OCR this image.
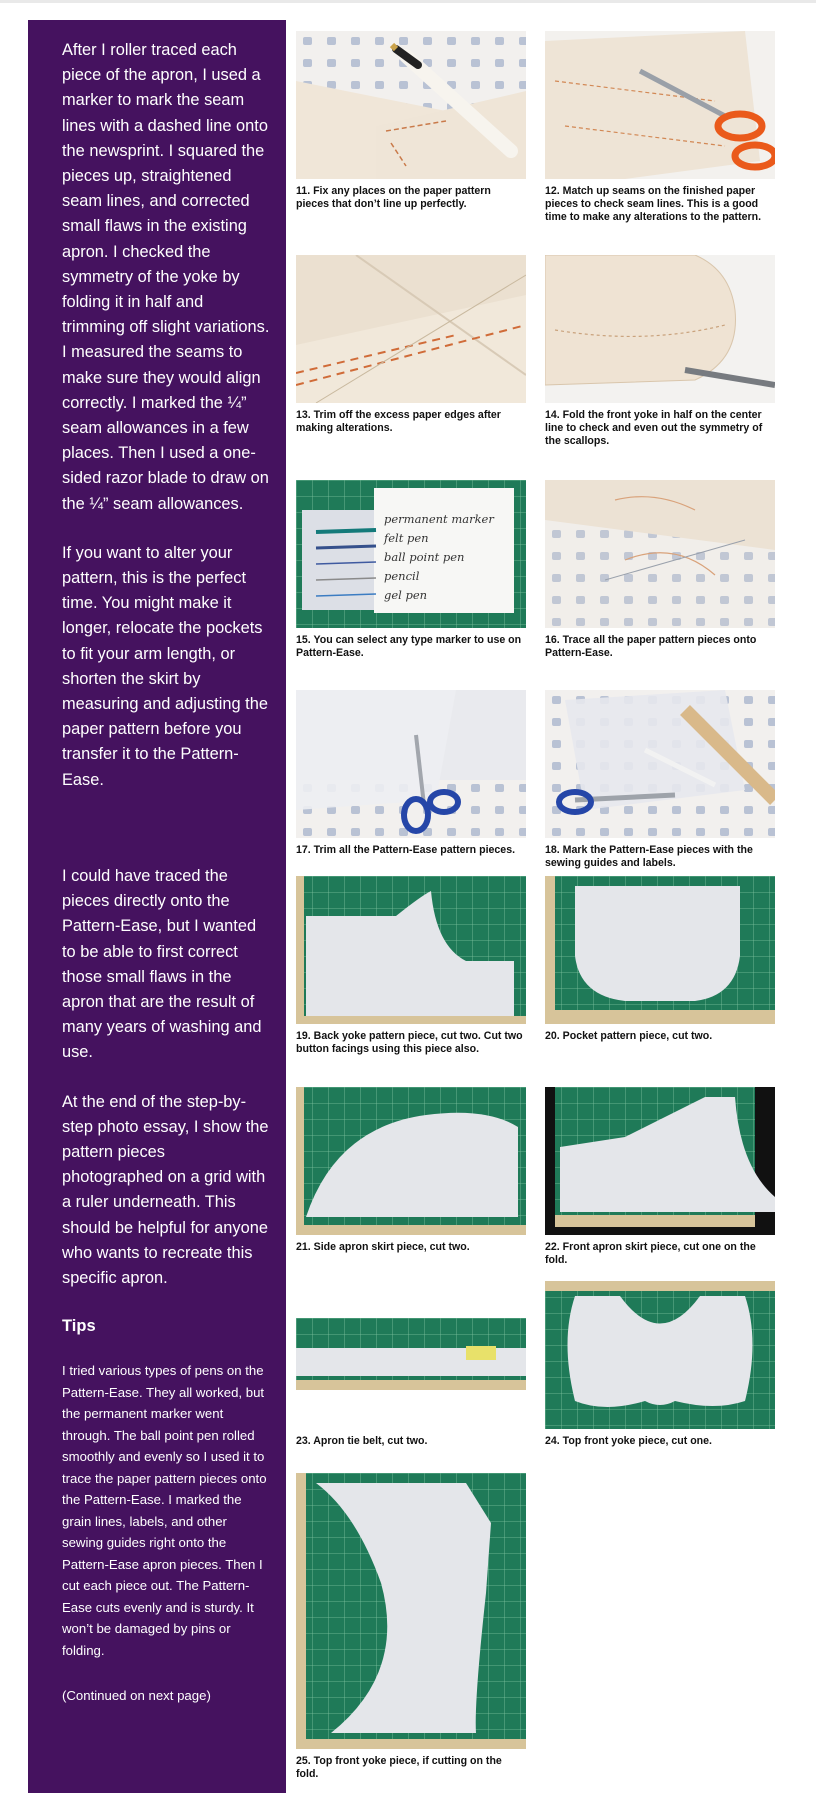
After I roller traced each piece of the apron, I used a marker to mark the seam lines with a dashed line onto the newsprint. I squared the pieces up, straightened seam lines, and corrected small flaws in the existing apron. I checked the symmetry of the yoke by folding it in half and trimming off slight variations. I measured the seams to make sure they would align correctly. I marked the ¼” seam allowances in a few places. Then I used a one-sided razor blade to draw on the ¼” seam allowances.

If you want to alter your pattern, this is the perfect time. You might make it longer, relocate the pockets to fit your arm length, or shorten the skirt by measuring and adjusting the paper pattern before you transfer it to the Pattern-Ease.

I could have traced the pieces directly onto the Pattern-Ease, but I wanted to be able to first correct those small flaws in the apron that are the result of many years of washing and use.

At the end of the step-by-step photo essay, I show the pattern pieces photographed on a grid with a ruler underneath. This should be helpful for anyone who wants to recreate this specific apron.

Tips

I tried various types of pens on the Pattern-Ease. They all worked, but the permanent marker went through. The ball point pen rolled smoothly and evenly so I used it to trace the paper pattern pieces onto the Pattern-Ease. I marked the grain lines, labels, and other sewing guides right onto the Pattern-Ease apron pieces. Then I cut each piece out. The Pattern-Ease cuts evenly and is sturdy. It won’t be damaged by pins or folding.

(Continued on next page)

11. Fix any places on the paper pattern pieces that don’t line up perfectly.
12. Match up seams on the finished paper pieces to check seam lines. This is a good time to make any alterations to the pattern.
13. Trim off the excess paper edges after making alterations.
14. Fold the front yoke in half on the center line to check and even out the symmetry of the scallops.
permanent marker
felt pen
ball point pen
pencil
gel pen
15. You can select any type marker to use on Pattern-Ease.
16. Trace all the paper pattern pieces onto Pattern-Ease.
17. Trim all the Pattern-Ease pattern pieces.	18. Mark the Pattern-Ease pieces with the sewing guides and labels.
19. Back yoke pattern piece, cut two. Cut two button facings using this piece also.
20. Pocket pattern piece, cut two.
21. Side apron skirt piece, cut two.	22. Front apron skirt piece, cut one on the fold.
23. Apron tie belt, cut two.	24. Top front yoke piece, cut one.
25. Top front yoke piece, if cutting on the fold.
